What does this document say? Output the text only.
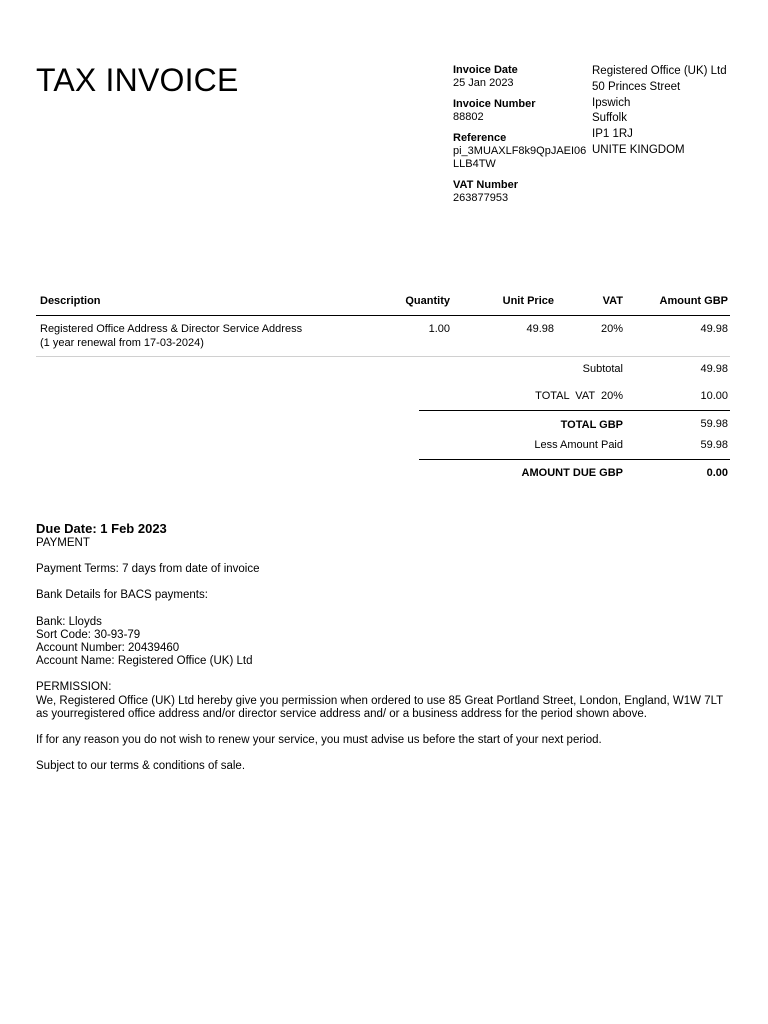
TAX INVOICE	Invoice Date
25 Jan 2023
Invoice Number
88802
Reference
pi_3MUAXLF8k9QpJAEI06LLB4TW
VAT Number
263877953
Registered Office (UK) Ltd
50 Princes Street
Ipswich
Suffolk
IP1 1RJ
UNITE KINGDOM
Description	Quantity	Unit Price	VAT	Amount GBP
Registered Office Address & Director Service Address
(1 year renewal from 17-03-2024)
1.00	49.98	20%	49.98
Subtotal	49.98
TOTAL  VAT  20%	10.00
TOTAL GBP	59.98
Less Amount Paid	59.98
AMOUNT DUE GBP	0.00
Due Date: 1 Feb 2023

PAYMENT

Payment Terms: 7 days from date of invoice

Bank Details for BACS payments:

Bank: Lloyds

Sort Code: 30-93-79

Account Number: 20439460

Account Name: Registered Office (UK) Ltd

PERMISSION:

We, Registered Office (UK) Ltd hereby give you permission when ordered to use 85 Great Portland Street, London, England, W1W 7LT as yourregistered office address and/or director service address and/ or a business address for the period shown above.

If for any reason you do not wish to renew your service, you must advise us before the start of your next period.

Subject to our terms & conditions of sale.
